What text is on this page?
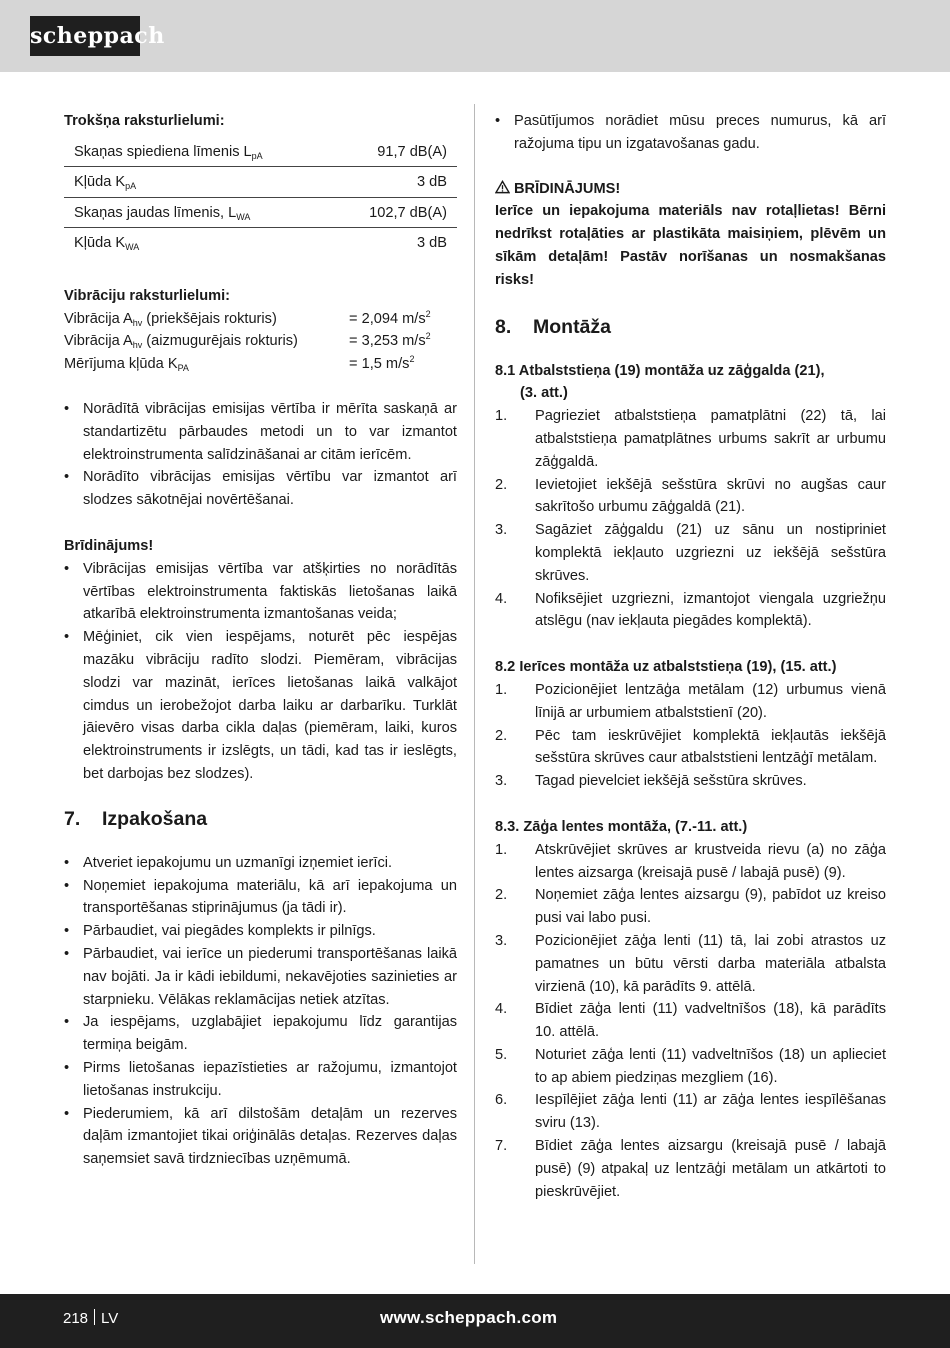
scheppach
Trokšņa raksturlielumi:
Skaņas spiediena līmenis $L_{pA}$	91,7 dB(A)
Kļūda $K_{pA}$	3 dB
Skaņas jaudas līmenis, $L_{WA}$	102,7 dB(A)
Kļūda $K_{WA}$	3 dB
Vibrāciju raksturlielumi:
Vibrācija $A_{hv}$ (priekšējais rokturis)	= 2,094 $m/s^2$
Vibrācija $A_{hv}$ (aizmugurējais rokturis)	= 3,253 $m/s^2$
Mērījuma kļūda $K_{PA}$	= 1,5 $m/s^2$
• Norādītā vibrācijas emisijas vērtība ir mērīta saskaņā ar standartizētu pārbaudes metodi un to var izmantot elektroinstrumenta salīdzināšanai ar citām ierīcēm.
• Norādīto vibrācijas emisijas vērtību var izmantot arī slodzes sākotnējai novērtēšanai.
Brīdinājums!
• Vibrācijas emisijas vērtība var atšķirties no norādītās vērtības elektroinstrumenta faktiskās lietošanas laikā atkarībā elektroinstrumenta izmantošanas veida;
• Mēģiniet, cik vien iespējams, noturēt pēc iespējas mazāku vibrāciju radīto slodzi. Piemēram, vibrācijas slodzi var mazināt, ierīces lietošanas laikā valkājot cimdus un ierobežojot darba laiku ar darbarīku. Turklāt jāievēro visas darba cikla daļas (piemēram, laiki, kuros elektroinstruments ir izslēgts, un tādi, kad tas ir ieslēgts, bet darbojas bez slodzes).
7. Izpakošana
• Atveriet iepakojumu un uzmanīgi izņemiet ierīci.
• Noņemiet iepakojuma materiālu, kā arī iepakojuma un transportēšanas stiprinājumus (ja tādi ir).
• Pārbaudiet, vai piegādes komplekts ir pilnīgs.
• Pārbaudiet, vai ierīce un piederumi transportēšanas laikā nav bojāti. Ja ir kādi iebildumi, nekavējoties sazinieties ar starpnieku. Vēlākas reklamācijas netiek atzītas.
• Ja iespējams, uzglabājiet iepakojumu līdz garantijas termiņa beigām.
• Pirms lietošanas iepazīstieties ar ražojumu, izmantojot lietošanas instrukciju.
• Piederumiem, kā arī dilstošām detaļām un rezerves daļām izmantojiet tikai oriģinālās detaļas. Rezerves daļas saņemsiet savā tirdzniecības uzņēmumā.
• Pasūtījumos norādiet mūsu preces numurus, kā arī ražojuma tipu un izgatavošanas gadu.
BRĪDINĀJUMS!
Ierīce un iepakojuma materiāls nav rotaļlietas! Bērni nedrīkst rotaļāties ar plastikāta maisiņiem, plēvēm un sīkām detaļām! Pastāv norīšanas un nosmakšanas risks!
8. Montāža
8.1 Atbalststieņa (19) montāža uz zāģgalda (21),
(3. att.)
1. Pagrieziet atbalststieņa pamatplātni (22) tā, lai atbalststieņa pamatplātnes urbums sakrīt ar urbumu zāģgaldā.
2. Ievietojiet iekšējā sešstūra skrūvi no augšas caur sakrītošo urbumu zāģgaldā (21).
3. Sagāziet zāģgaldu (21) uz sānu un nostipriniet komplektā iekļauto uzgriezni uz iekšējā sešstūra skrūves.
4. Nofiksējiet uzgriezni, izmantojot viengala uzgriežņu atslēgu (nav iekļauta piegādes komplektā).
8.2 Ierīces montāža uz atbalststieņa (19), (15. att.)
1. Pozicionējiet lentzāģa metālam (12) urbumus vienā līnijā ar urbumiem atbalststienī (20).
2. Pēc tam ieskrūvējiet komplektā iekļautās iekšējā sešstūra skrūves caur atbalststieni lentzāģī metālam.
3. Tagad pievelciet iekšējā sešstūra skrūves.
8.3. Zāģa lentes montāža, (7.-11. att.)
1. Atskrūvējiet skrūves ar krustveida rievu (a) no zāģa lentes aizsarga (kreisajā pusē / labajā pusē) (9).
2. Noņemiet zāģa lentes aizsargu (9), pabīdot uz kreiso pusi vai labo pusi.
3. Pozicionējiet zāģa lenti (11) tā, lai zobi atrastos uz pamatnes un būtu vērsti darba materiāla atbalsta virzienā (10), kā parādīts 9. attēlā.
4. Bīdiet zāģa lenti (11) vadveltnīšos (18), kā parādīts 10. attēlā.
5. Noturiet zāģa lenti (11) vadveltnīšos (18) un aplieciet to ap abiem piedziņas mezgliem (16).
6. Iespīlējiet zāģa lenti (11) ar zāģa lentes iespīlēšanas sviru (13).
7. Bīdiet zāģa lentes aizsargu (kreisajā pusē / labajā pusē) (9) atpakaļ uz lentzāģi metālam un atkārtoti to pieskrūvējiet.
218 LV	www.scheppach.com
